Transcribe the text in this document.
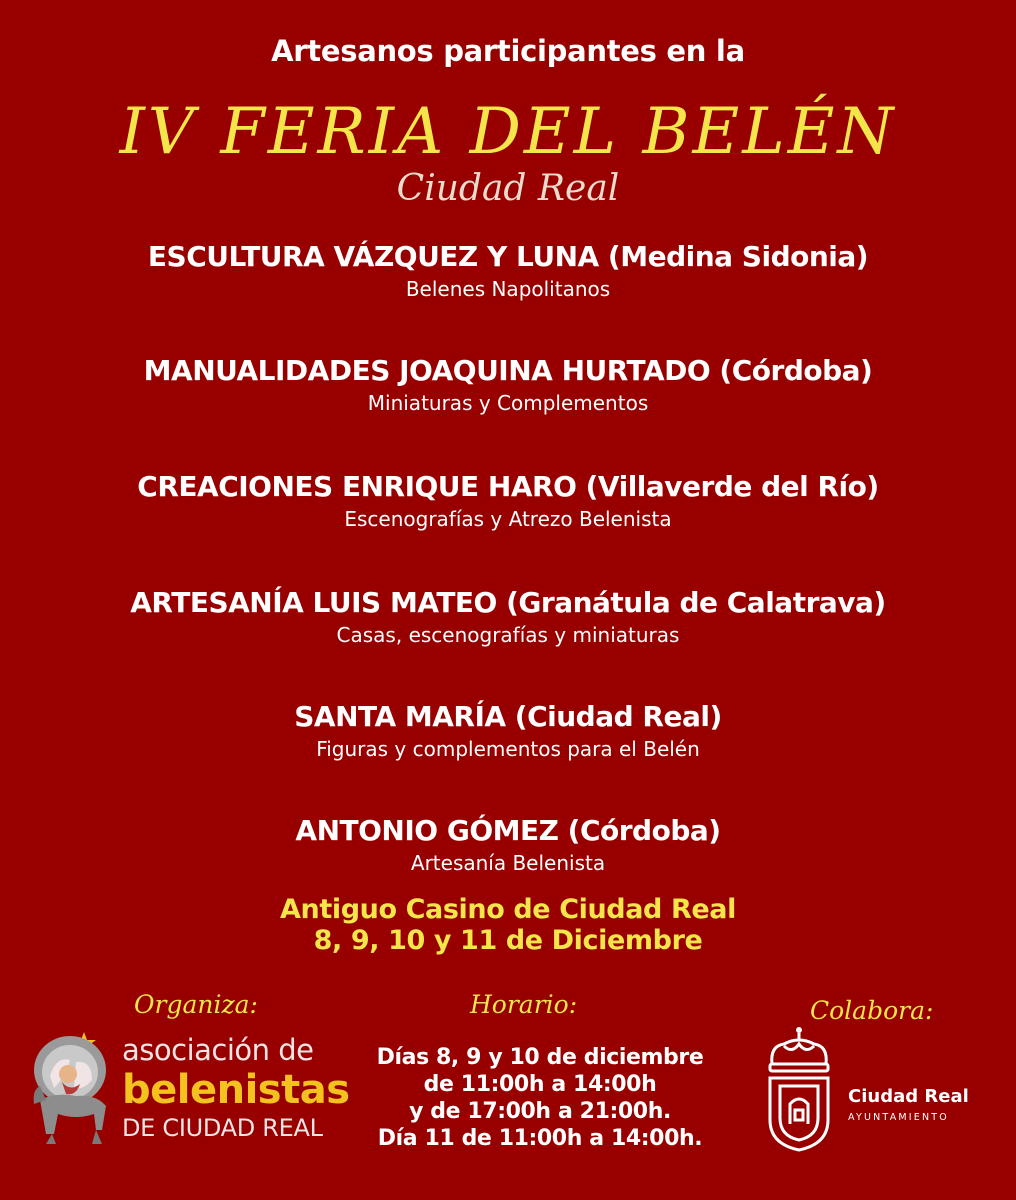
Artesanos participantes en la
IV FERIA DEL BELÉN
Ciudad Real
ESCULTURA VÁZQUEZ Y LUNA (Medina Sidonia)
Belenes Napolitanos
MANUALIDADES JOAQUINA HURTADO (Córdoba)
Miniaturas y Complementos
CREACIONES ENRIQUE HARO (Villaverde del Río)
Escenografías y Atrezo Belenista
ARTESANÍA LUIS MATEO (Granátula de Calatrava)
Casas, escenografías y miniaturas
SANTA MARÍA (Ciudad Real)
Figuras y complementos para el Belén
ANTONIO GÓMEZ (Córdoba)
Artesanía Belenista
Antiguo Casino de Ciudad Real
8, 9, 10 y 11 de Diciembre
Organiza:	Horario:	Colabora:
Días 8, 9 y 10 de diciembre
de 11:00h a 14:00h
y de 17:00h a 21:00h.
Día 11 de 11:00h a 14:00h.
asociación de
belenistas
DE CIUDAD REAL
Ciudad Real
AYUNTAMIENTO
